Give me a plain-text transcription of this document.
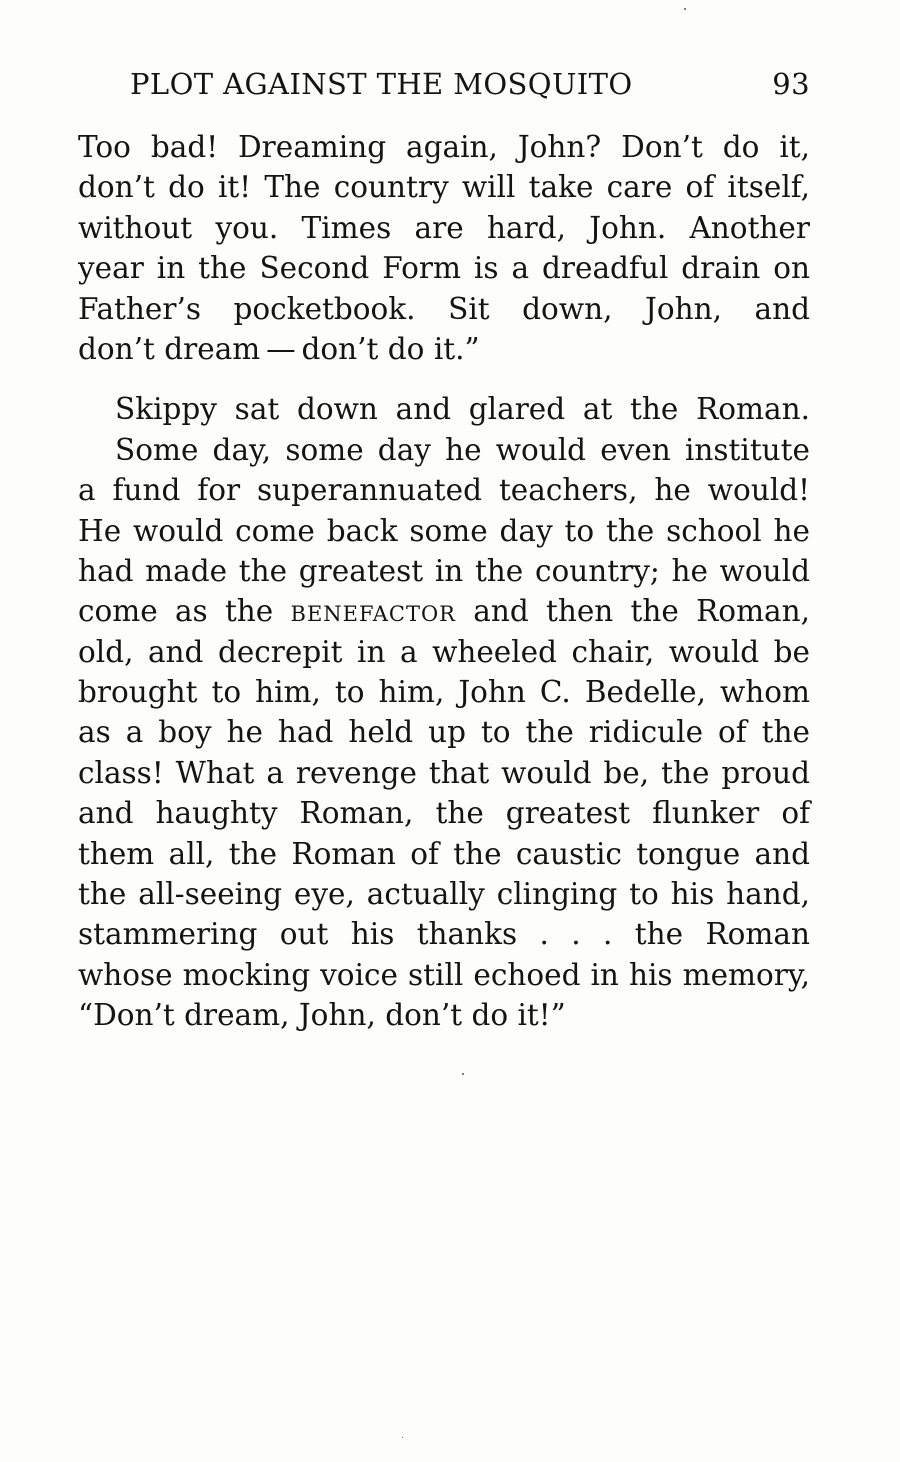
PLOT AGAINST THE MOSQUITO	93
Too bad! Dreaming again, John? Don’t do it,
don’t do it! The country will take care of itself,
without you. Times are hard, John. Another
year in the Second Form is a dreadful drain on
Father’s pocketbook. Sit down, John, and
don’t dream — don’t do it.”
Skippy sat down and glared at the Roman.
Some day, some day he would even institute
a fund for superannuated teachers, he would!
He would come back some day to the school he
had made the greatest in the country; he would
come as the BENEFACTOR and then the Roman,
old, and decrepit in a wheeled chair, would be
brought to him, to him, John C. Bedelle, whom
as a boy he had held up to the ridicule of the
class! What a revenge that would be, the proud
and haughty Roman, the greatest flunker of
them all, the Roman of the caustic tongue and
the all-seeing eye, actually clinging to his hand,
stammering out his thanks . . . the Roman
whose mocking voice still echoed in his memory,
“Don’t dream, John, don’t do it!”
